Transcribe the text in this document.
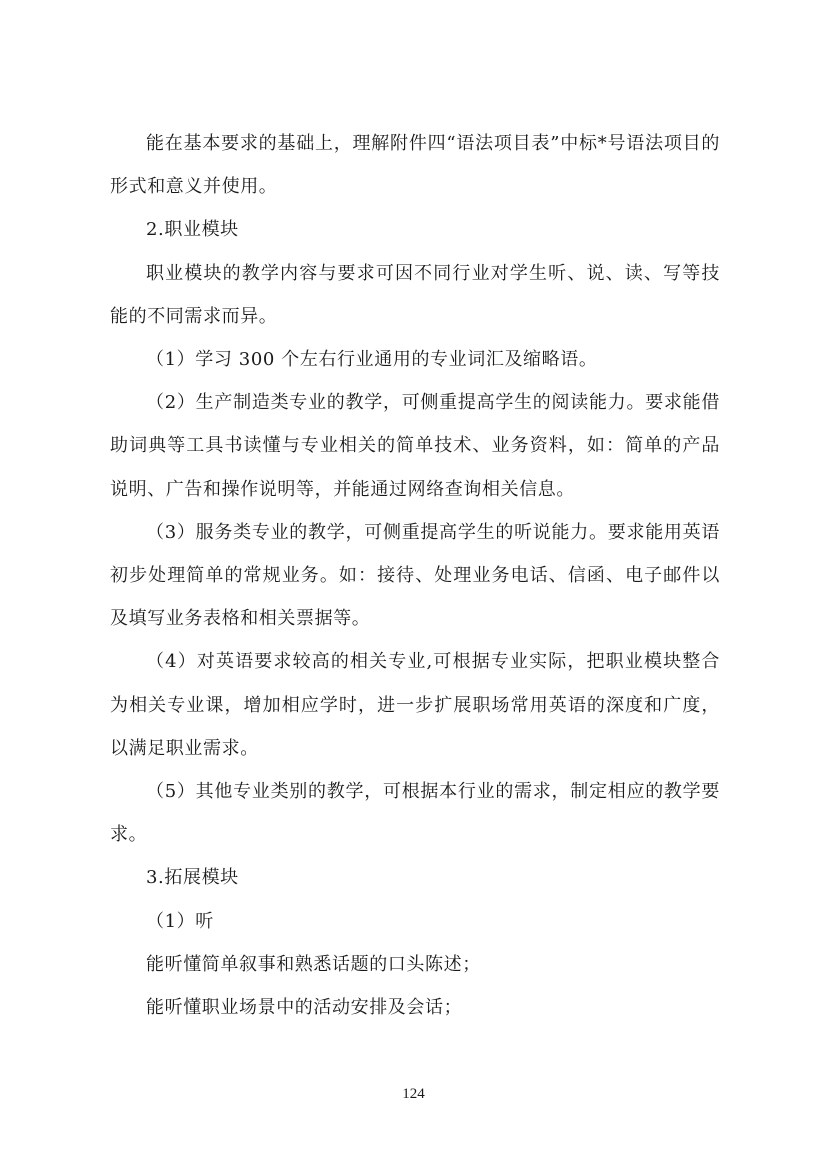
能在基本要求的基础上，理解附件四“语法项目表”中标*号语法项目的形式和意义并使用。

2.职业模块

职业模块的教学内容与要求可因不同行业对学生听、说、读、写等技能的不同需求而异。

（1）学习 300 个左右行业通用的专业词汇及缩略语。

（2）生产制造类专业的教学，可侧重提高学生的阅读能力。要求能借助词典等工具书读懂与专业相关的简单技术、业务资料，如：简单的产品说明、广告和操作说明等，并能通过网络查询相关信息。

（3）服务类专业的教学，可侧重提高学生的听说能力。要求能用英语初步处理简单的常规业务。如：接待、处理业务电话、信函、电子邮件以及填写业务表格和相关票据等。

（4）对英语要求较高的相关专业,可根据专业实际，把职业模块整合为相关专业课，增加相应学时，进一步扩展职场常用英语的深度和广度，以满足职业需求。

（5）其他专业类别的教学，可根据本行业的需求，制定相应的教学要求。

3.拓展模块

（1）听

能听懂简单叙事和熟悉话题的口头陈述；

能听懂职业场景中的活动安排及会话；

124
